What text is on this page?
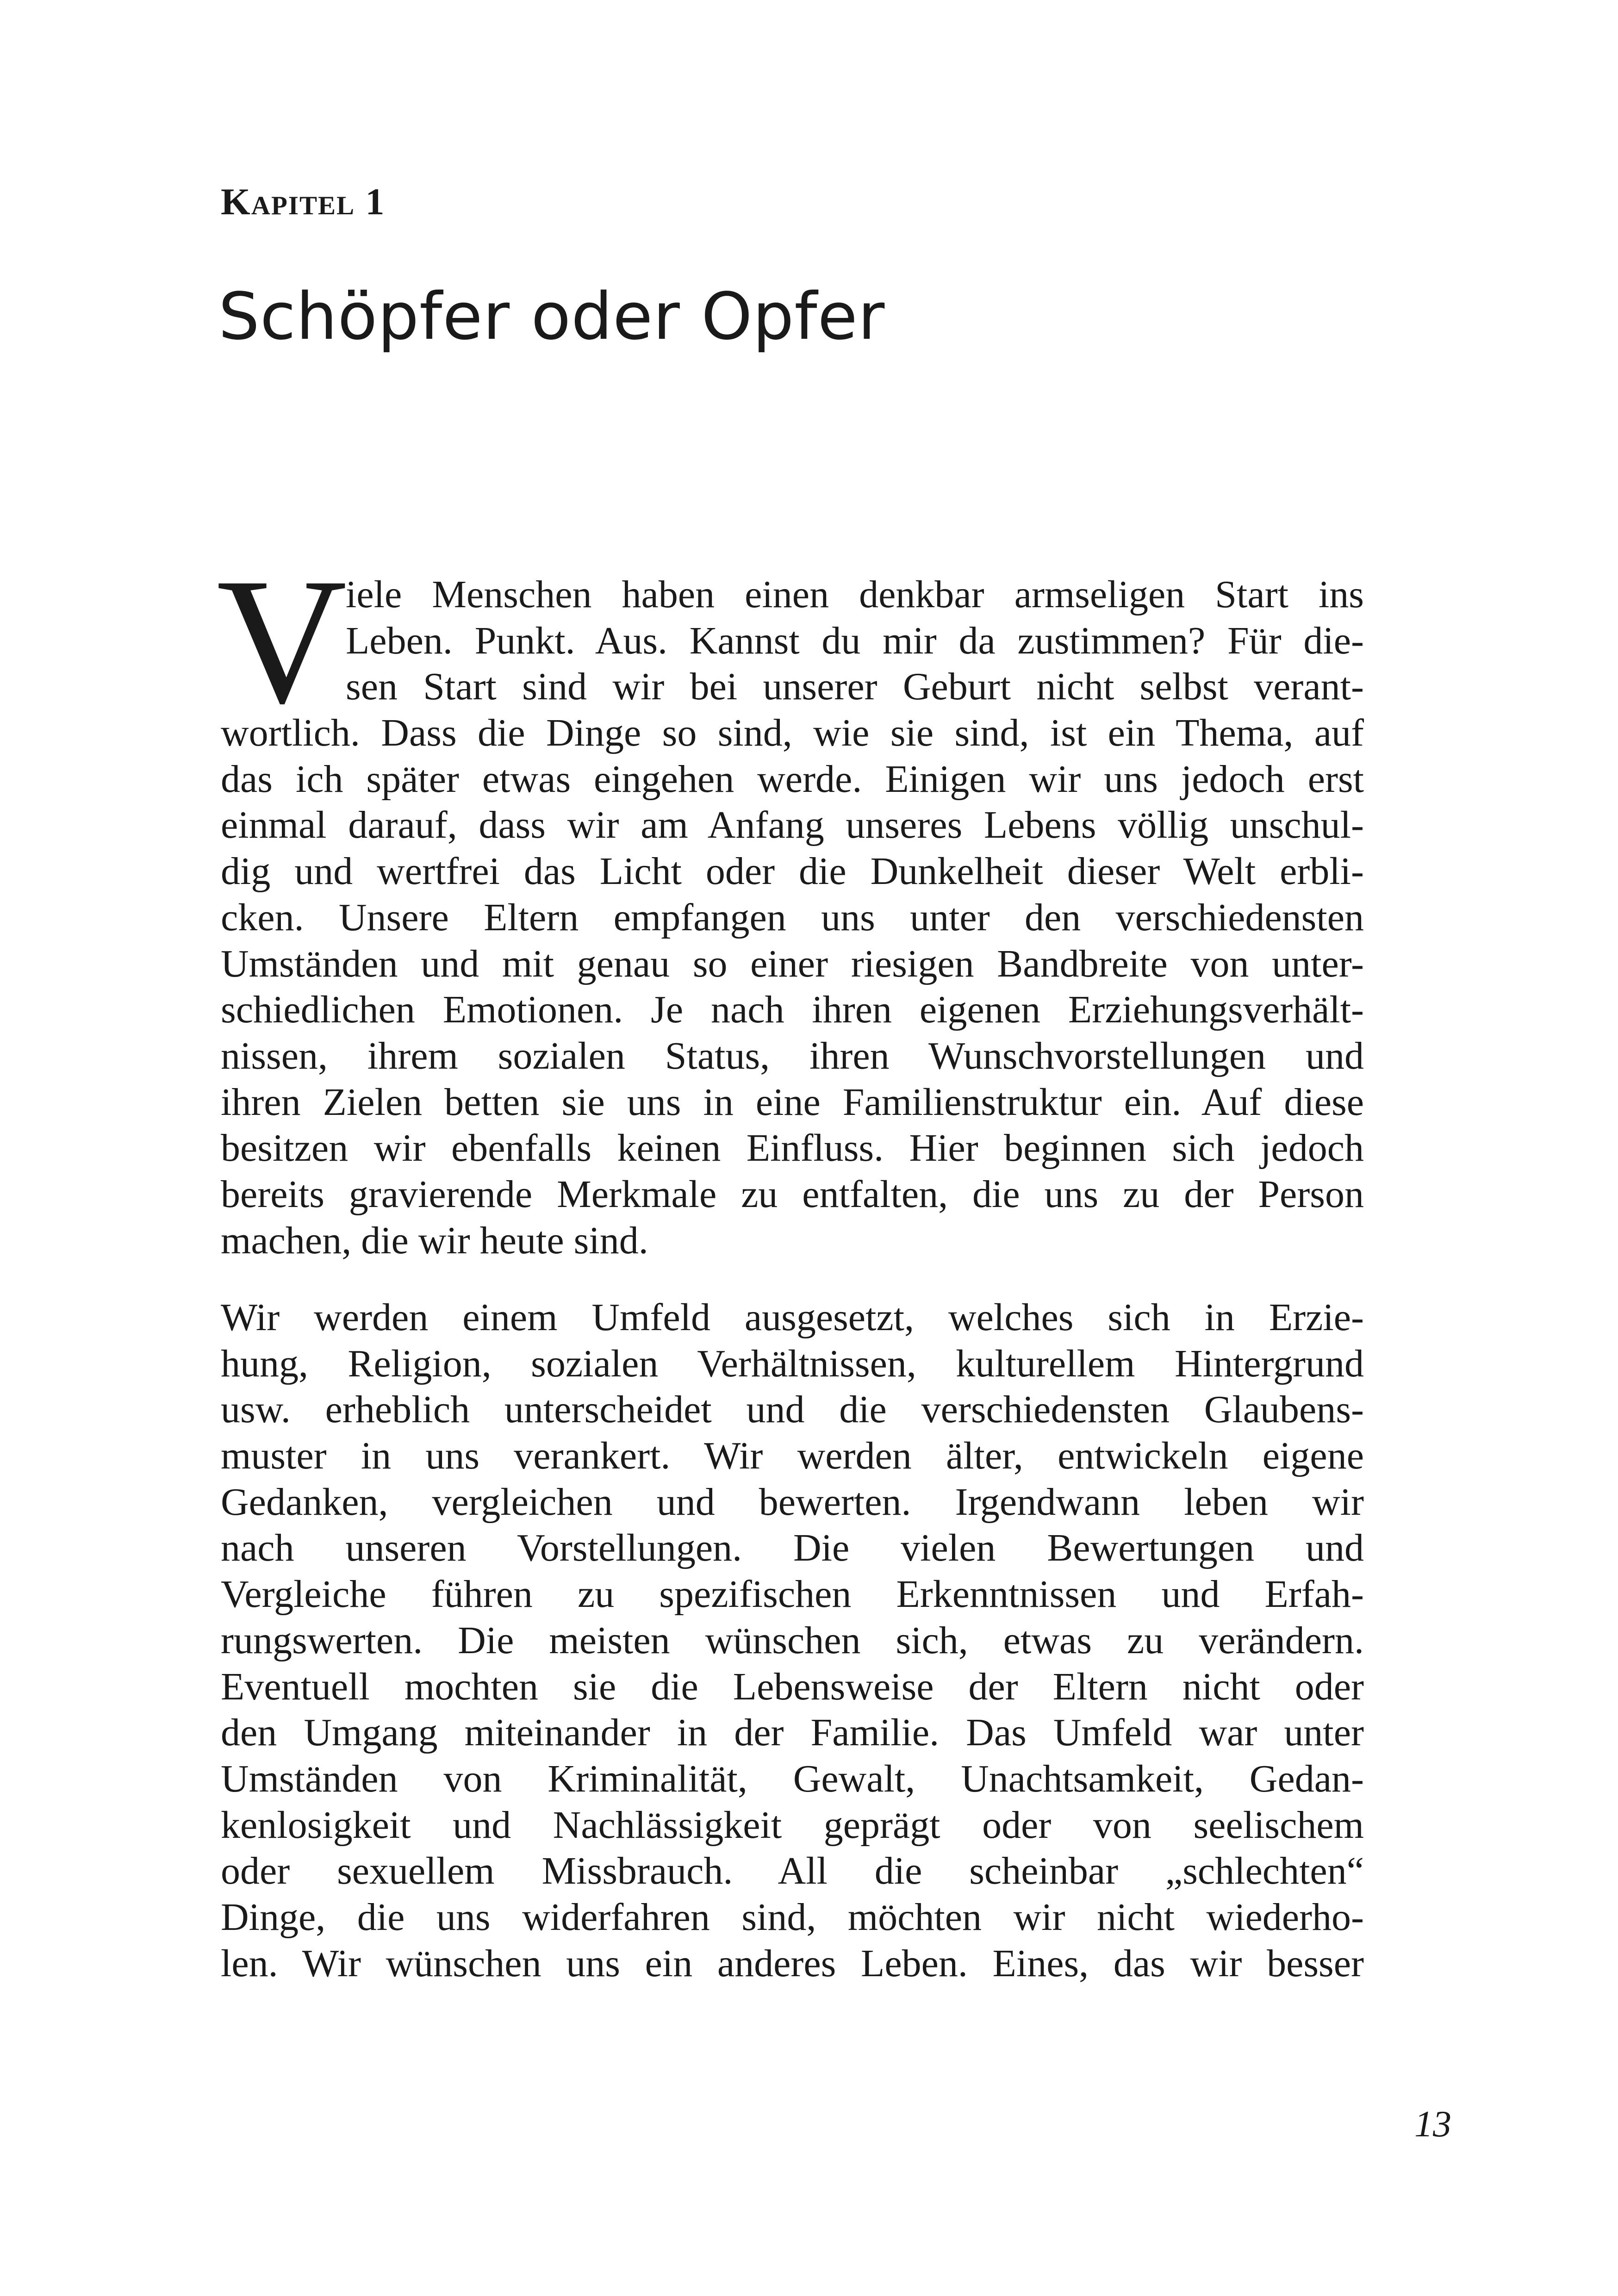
Kapitel 1
Schöpfer oder Opfer
V
iele Menschen haben einen denkbar armseligen Start ins
Leben. Punkt. Aus. Kannst du mir da zustimmen? Für die-
sen Start sind wir bei unserer Geburt nicht selbst verant-
wortlich. Dass die Dinge so sind, wie sie sind, ist ein Thema, auf
das ich später etwas eingehen werde. Einigen wir uns jedoch erst
einmal darauf, dass wir am Anfang unseres Lebens völlig unschul-
dig und wertfrei das Licht oder die Dunkelheit dieser Welt erbli-
cken. Unsere Eltern empfangen uns unter den verschiedensten
Umständen und mit genau so einer riesigen Bandbreite von unter-
schiedlichen Emotionen. Je nach ihren eigenen Erziehungsverhält-
nissen, ihrem sozialen Status, ihren Wunschvorstellungen und
ihren Zielen betten sie uns in eine Familienstruktur ein. Auf diese
besitzen wir ebenfalls keinen Einfluss. Hier beginnen sich jedoch
bereits gravierende Merkmale zu entfalten, die uns zu der Person
machen, die wir heute sind.
Wir werden einem Umfeld ausgesetzt, welches sich in Erzie-
hung, Religion, sozialen Verhältnissen, kulturellem Hintergrund
usw. erheblich unterscheidet und die verschiedensten Glaubens-
muster in uns verankert. Wir werden älter, entwickeln eigene
Gedanken, vergleichen und bewerten. Irgendwann leben wir
nach unseren Vorstellungen. Die vielen Bewertungen und
Vergleiche führen zu spezifischen Erkenntnissen und Erfah-
rungswerten. Die meisten wünschen sich, etwas zu verändern.
Eventuell mochten sie die Lebensweise der Eltern nicht oder
den Umgang miteinander in der Familie. Das Umfeld war unter
Umständen von Kriminalität, Gewalt, Unachtsamkeit, Gedan-
kenlosigkeit und Nachlässigkeit geprägt oder von seelischem
oder sexuellem Missbrauch. All die scheinbar „schlechten“
Dinge, die uns widerfahren sind, möchten wir nicht wiederho-
len. Wir wünschen uns ein anderes Leben. Eines, das wir besser
13
